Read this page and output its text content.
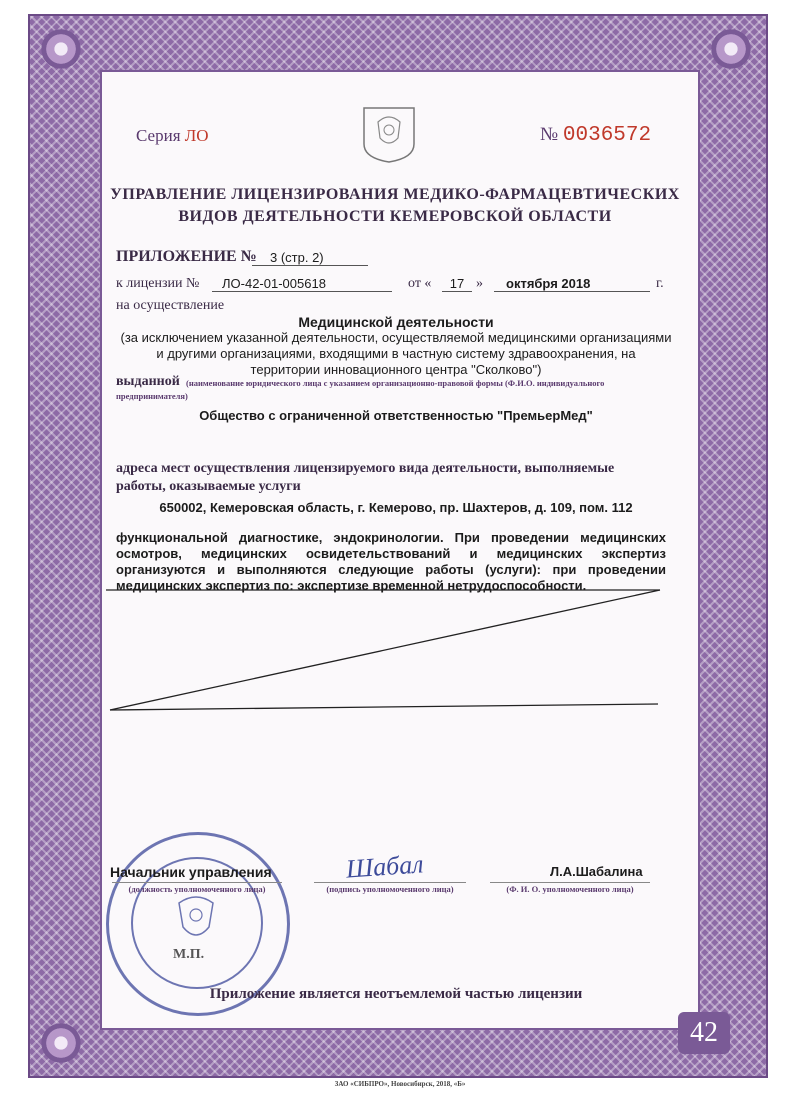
Серия ЛО	№ 0036572
УПРАВЛЕНИЕ ЛИЦЕНЗИРОВАНИЯ МЕДИКО-ФАРМАЦЕВТИЧЕСКИХ
ВИДОВ ДЕЯТЕЛЬНОСТИ КЕМЕРОВСКОЙ ОБЛАСТИ
ПРИЛОЖЕНИЕ №	3 (стр. 2)
к лицензии №	ЛО-42-01-005618	от «	17 »	октября 2018	г.
на осуществление
Медицинской деятельности
(за исключением указанной деятельности, осуществляемой медицинскими организациями
и другими организациями, входящими в частную систему здравоохранения, на
территории инновационного центра "Сколково")
выданной (наименование юридического лица с указанием организационно-правовой формы (Ф.И.О. индивидуального
предпринимателя)
Общество с ограниченной ответственностью "ПремьерМед"
адреса мест осуществления лицензируемого вида деятельности, выполняемые
работы, оказываемые услуги
650002, Кемеровская область, г. Кемерово, пр. Шахтеров, д. 109, пом. 112
функциональной диагностике, эндокринологии. При проведении медицинских
осмотров, медицинских освидетельствований и медицинских экспертиз
организуются и выполняются следующие работы (услуги): при проведении
медицинских экспертиз по: экспертизе временной нетрудоспособности.
М.П.
Начальник управления
(должность уполномоченного лица)
Шабал
(подпись уполномоченного лица)
Л.А.Шабалина
(Ф. И. О. уполномоченного лица)
Приложение является неотъемлемой частью лицензии
42
ЗАО «СИБПРО», Новосибирск, 2018, «Б»
